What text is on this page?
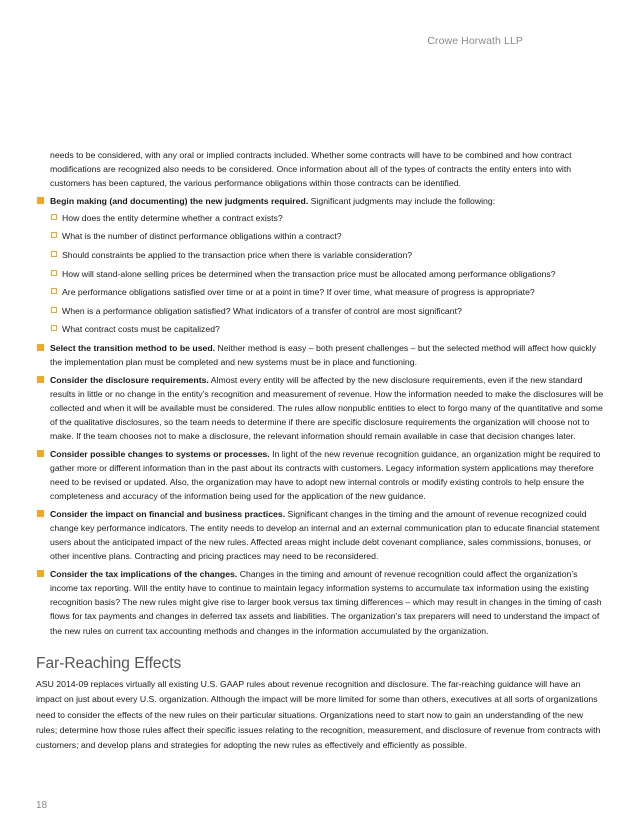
Crowe Horwath LLP

needs to be considered, with any oral or implied contracts included. Whether some contracts will have to be combined and how contract modifications are recognized also needs to be considered. Once information about all of the types of contracts the entity enters into with customers has been captured, the various performance obligations within those contracts can be identified.

Begin making (and documenting) the new judgments required. Significant judgments may include the following:
How does the entity determine whether a contract exists?
What is the number of distinct performance obligations within a contract?
Should constraints be applied to the transaction price when there is variable consideration?
How will stand-alone selling prices be determined when the transaction price must be allocated among performance obligations?
Are performance obligations satisfied over time or at a point in time? If over time, what measure of progress is appropriate?
When is a performance obligation satisfied? What indicators of a transfer of control are most significant?
What contract costs must be capitalized?
Select the transition method to be used. Neither method is easy – both present challenges – but the selected method will affect how quickly the implementation plan must be completed and new systems must be in place and functioning.
Consider the disclosure requirements. Almost every entity will be affected by the new disclosure requirements, even if the new standard results in little or no change in the entity’s recognition and measurement of revenue. How the information needed to make the disclosures will be collected and when it will be available must be considered. The rules allow nonpublic entities to elect to forgo many of the quantitative and some of the qualitative disclosures, so the team needs to determine if there are specific disclosure requirements the organization will choose not to make. If the team chooses not to make a disclosure, the relevant information should remain available in case that decision changes later.
Consider possible changes to systems or processes. In light of the new revenue recognition guidance, an organization might be required to gather more or different information than in the past about its contracts with customers. Legacy information system applications may therefore need to be revised or updated. Also, the organization may have to adopt new internal controls or modify existing controls to help ensure the completeness and accuracy of the information being used for the application of the new guidance.
Consider the impact on financial and business practices. Significant changes in the timing and the amount of revenue recognized could change key performance indicators. The entity needs to develop an internal and an external communication plan to educate financial statement users about the anticipated impact of the new rules. Affected areas might include debt covenant compliance, sales commissions, bonuses, or other incentive plans. Contracting and pricing practices may need to be reconsidered.
Consider the tax implications of the changes. Changes in the timing and amount of revenue recognition could affect the organization’s income tax reporting. Will the entity have to continue to maintain legacy information systems to accumulate tax information using the existing recognition basis? The new rules might give rise to larger book versus tax timing differences – which may result in changes in the timing of cash flows for tax payments and changes in deferred tax assets and liabilities. The organization’s tax preparers will need to understand the impact of the new rules on current tax accounting methods and changes in the information accumulated by the organization.
Far-Reaching Effects

ASU 2014-09 replaces virtually all existing U.S. GAAP rules about revenue recognition and disclosure. The far-reaching guidance will have an impact on just about every U.S. organization. Although the impact will be more limited for some than others, executives at all sorts of organizations need to consider the effects of the new rules on their particular situations. Organizations need to start now to gain an understanding of the new rules; determine how those rules affect their specific issues relating to the recognition, measurement, and disclosure of revenue from contracts with customers; and develop plans and strategies for adopting the new rules as effectively and efficiently as possible.

18
